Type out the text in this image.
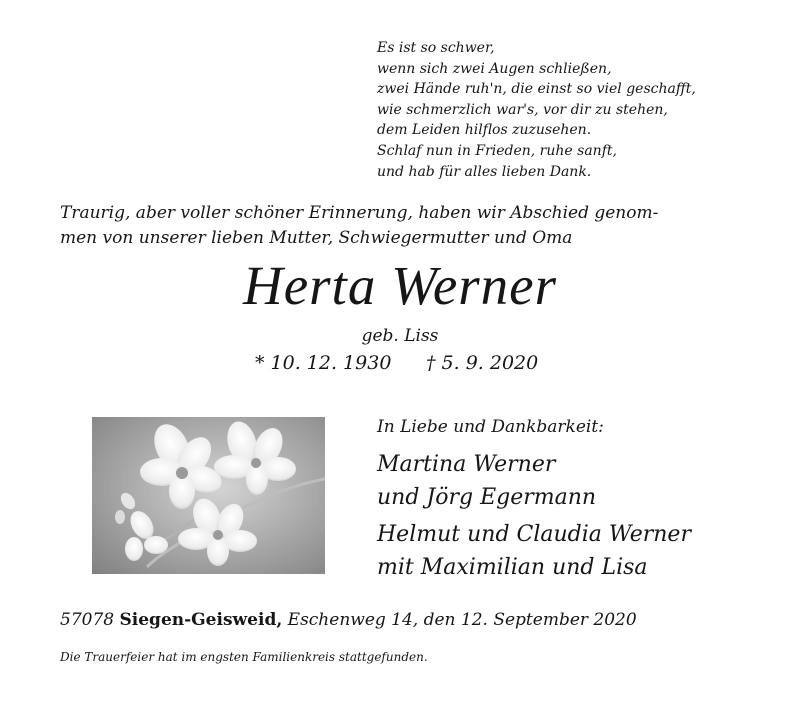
Es ist so schwer,
wenn sich zwei Augen schließen,
zwei Hände ruh'n, die einst so viel geschafft,
wie schmerzlich war's, vor dir zu stehen,
dem Leiden hilflos zuzusehen.
Schlaf nun in Frieden, ruhe sanft,
und hab für alles lieben Dank.
Traurig, aber voller schöner Erinnerung, haben wir Abschied genom-
men von unserer lieben Mutter, Schwiegermutter und Oma
Herta Werner
geb. Liss
* 10. 12. 1930 † 5. 9. 2020
In Liebe und Dankbarkeit:
Martina Werner
und Jörg Egermann
Helmut und Claudia Werner
mit Maximilian und Lisa
57078 Siegen-Geisweid, Eschenweg 14, den 12. September 2020
Die Trauerfeier hat im engsten Familienkreis stattgefunden.
